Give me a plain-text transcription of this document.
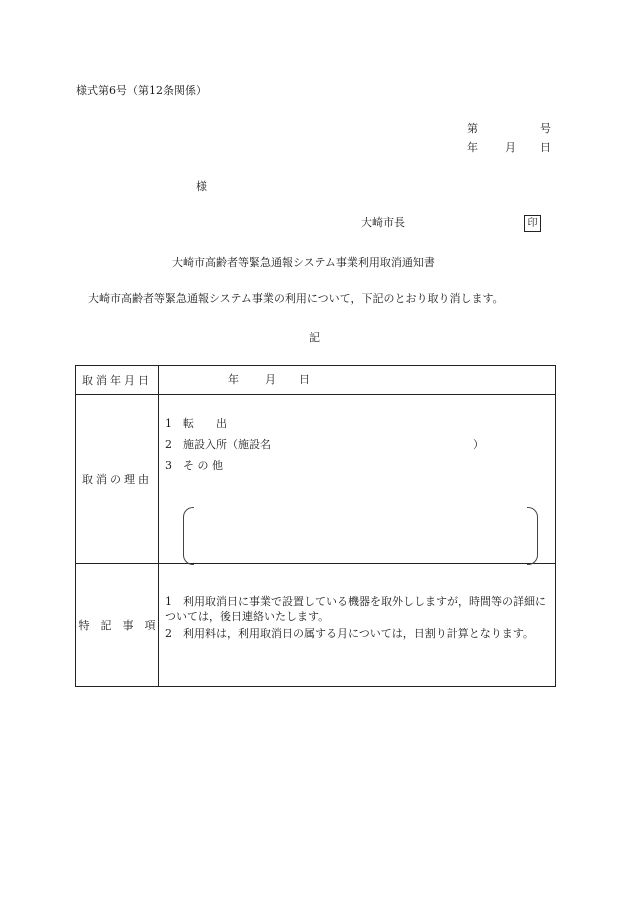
様式第6号（第12条関係）
第	号
年 月 日
様
大崎市長	印
大崎市高齢者等緊急通報システム事業利用取消通知書
大崎市高齢者等緊急通報システム事業の利用について，下記のとおり取り消します。
記
取消年月日	年 月 日

取消の理由	1　転　　出
2　施設入所（施設名 ）
3　そ の 他

特　記　事　項	1　利用取消日に事業で設置している機器を取外ししますが，時間等の詳細については，後日連絡いたします。
2　利用料は，利用取消日の属する月については，日割り計算となります。
